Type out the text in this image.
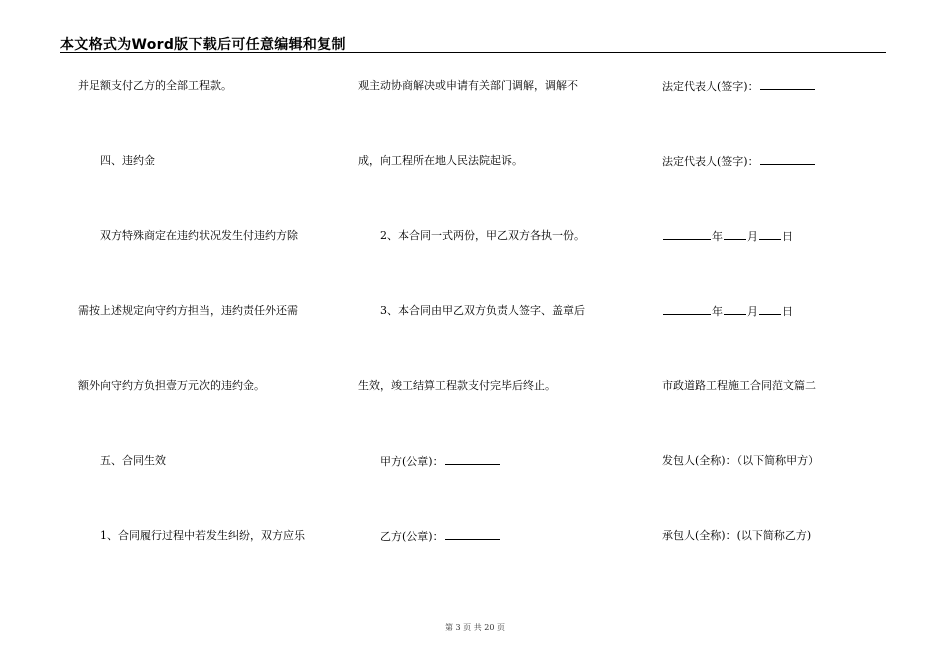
本文格式为Word版下载后可任意编辑和复制
并足额支付乙方的全部工程款。
四、违约金
双方特殊商定在违约状况发生付违约方除
需按上述规定向守约方担当，违约责任外还需
额外向守约方负担壹万元次的违约金。
五、合同生效
1、合同履行过程中若发生纠纷，双方应乐
观主动协商解决或申请有关部门调解，调解不
成，向工程所在地人民法院起诉。
2、本合同一式两份，甲乙双方各执一份。
3、本合同由甲乙双方负责人签字、盖章后
生效，竣工结算工程款支付完毕后终止。
甲方(公章)：
乙方(公章)：
法定代表人(签字)：
法定代表人(签字)：
年 月 日
年 月 日
市政道路工程施工合同范文篇二
发包人(全称)：（以下简称甲方）
承包人(全称)：(以下简称乙方)
第 3 页 共 20 页
